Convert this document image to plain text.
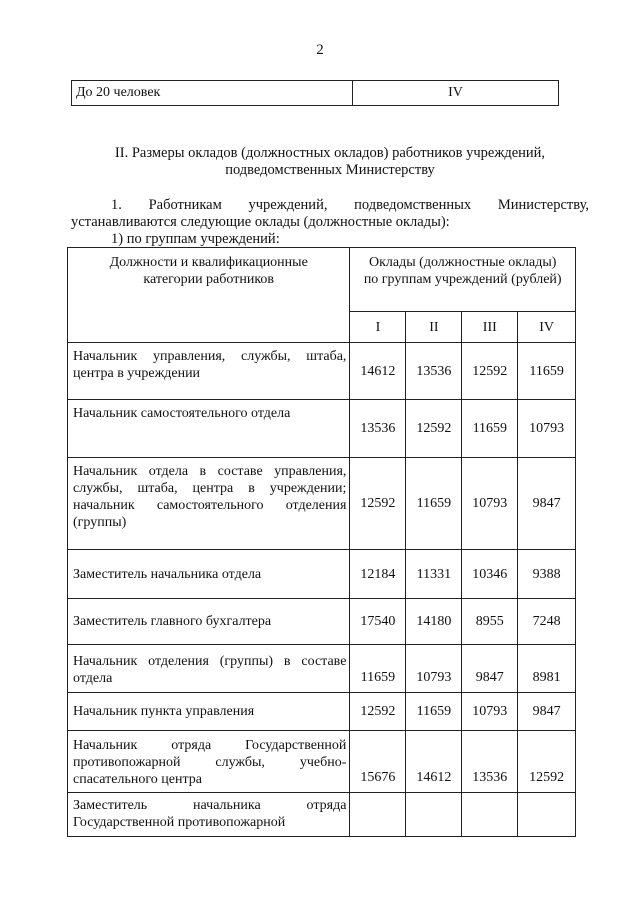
2
До 20 человек	IV
II. Размеры окладов (должностных окладов) работников учреждений,
подведомственных Министерству
1. Работникам учреждений, подведомственных Министерству,
устанавливаются следующие оклады (должностные оклады):
1) по группам учреждений:
Должности и квалификационные категории работников	Оклады (должностные оклады) по группам учреждений (рублей)			
	I	II	III	IV
Начальник управления, службы, штаба, центра в учреждении	14612	13536	12592	11659
Начальник самостоятельного отдела	13536	12592	11659	10793
Начальник отдела в составе управления, службы, штаба, центра в учреждении; начальник самостоятельного отделения (группы)	12592	11659	10793	9847
Заместитель начальника отдела	12184	11331	10346	9388
Заместитель главного бухгалтера	17540	14180	8955	7248
Начальник отделения (группы) в составе отдела	11659	10793	9847	8981
Начальник пункта управления	12592	11659	10793	9847
Начальник отряда Государственной противопожарной службы, учебно-спасательного центра	15676	14612	13536	12592
Заместитель начальника отряда Государственной противопожарной				
